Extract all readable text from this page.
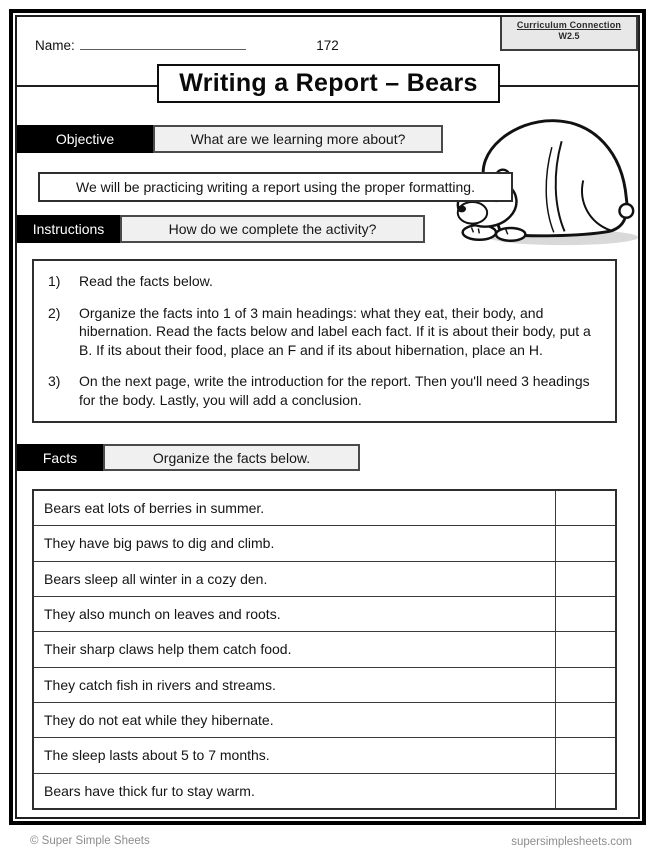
Name:	172
Curriculum Connection
W2.5
Writing a Report – Bears
Objective	What are we learning more about?
We will be practicing writing a report using the proper formatting.
Instructions	How do we complete the activity?
1)	Read the facts below.
2)	Organize the facts into 1 of 3 main headings: what they eat, their body, and hibernation. Read the facts below and label each fact. If it is about their body, put a B. If its about their food, place an F and if its about hibernation, place an H.
3)	On the next page, write the introduction for the report. Then you'll need 3 headings for the body. Lastly, you will add a conclusion.
Facts	Organize the facts below.
Bears eat lots of berries in summer.
They have big paws to dig and climb.
Bears sleep all winter in a cozy den.
They also munch on leaves and roots.
Their sharp claws help them catch food.
They catch fish in rivers and streams.
They do not eat while they hibernate.
The sleep lasts about 5 to 7 months.
Bears have thick fur to stay warm.
© Super Simple Sheets	supersimplesheets.com
